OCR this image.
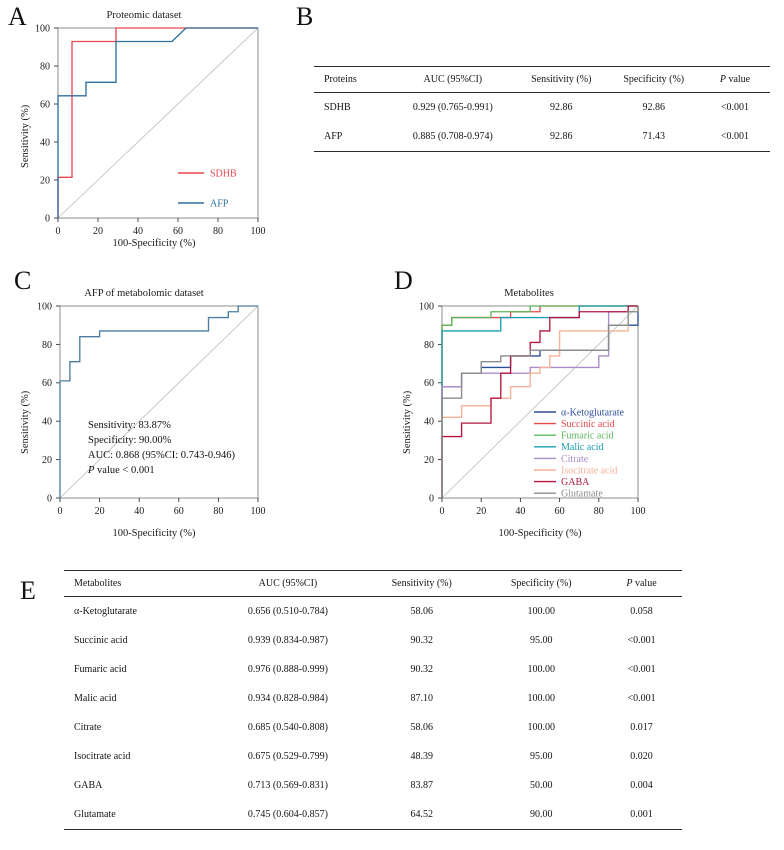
A	Proteomic dataset
0	20	40	60	80	100
0
20
40
60
80
100
SDHB
AFP
Sensitivity (%)
100-Specificity (%)
B
Proteins	AUC (95%CI)	Sensitivity (%)	Specificity (%)	P value
SDHB	0.929 (0.765-0.991)	92.86	92.86	<0.001
AFP	0.885 (0.708-0.974)	92.86	71.43	<0.001

C	AFP of metabolomic dataset
0	20	40	60	80	100
0
20
40
60
80
100
Sensitivity: 83.87%
Specificity: 90.00%
AUC: 0.868 (95%CI: 0.743-0.946)
P value < 0.001
Sensitivity (%)
100-Specificity (%)
D	Metabolites
0	20	40	60	80	100
0
20
40
60
80
100
α-Ketoglutarate
Succinic acid
Fumaric acid
Malic acid
Citrate
Isocitrate acid
GABA
Glutamate
Sensitivity (%)
100-Specificity (%)
E	Metabolites	AUC (95%CI)	Sensitivity (%)	Specificity (%)	P value
α-Ketoglutarate	0.656 (0.510-0.784)	58.06	100.00	0.058
Succinic acid	0.939 (0.834-0.987)	90.32	95.00	<0.001
Fumaric acid	0.976 (0.888-0.999)	90.32	100.00	<0.001
Malic acid	0.934 (0.828-0.984)	87.10	100.00	<0.001
Citrate	0.685 (0.540-0.808)	58.06	100.00	0.017
Isocitrate acid	0.675 (0.529-0.799)	48.39	95.00	0.020
GABA	0.713 (0.569-0.831)	83.87	50.00	0.004
Glutamate	0.745 (0.604-0.857)	64.52	90.00	0.001
